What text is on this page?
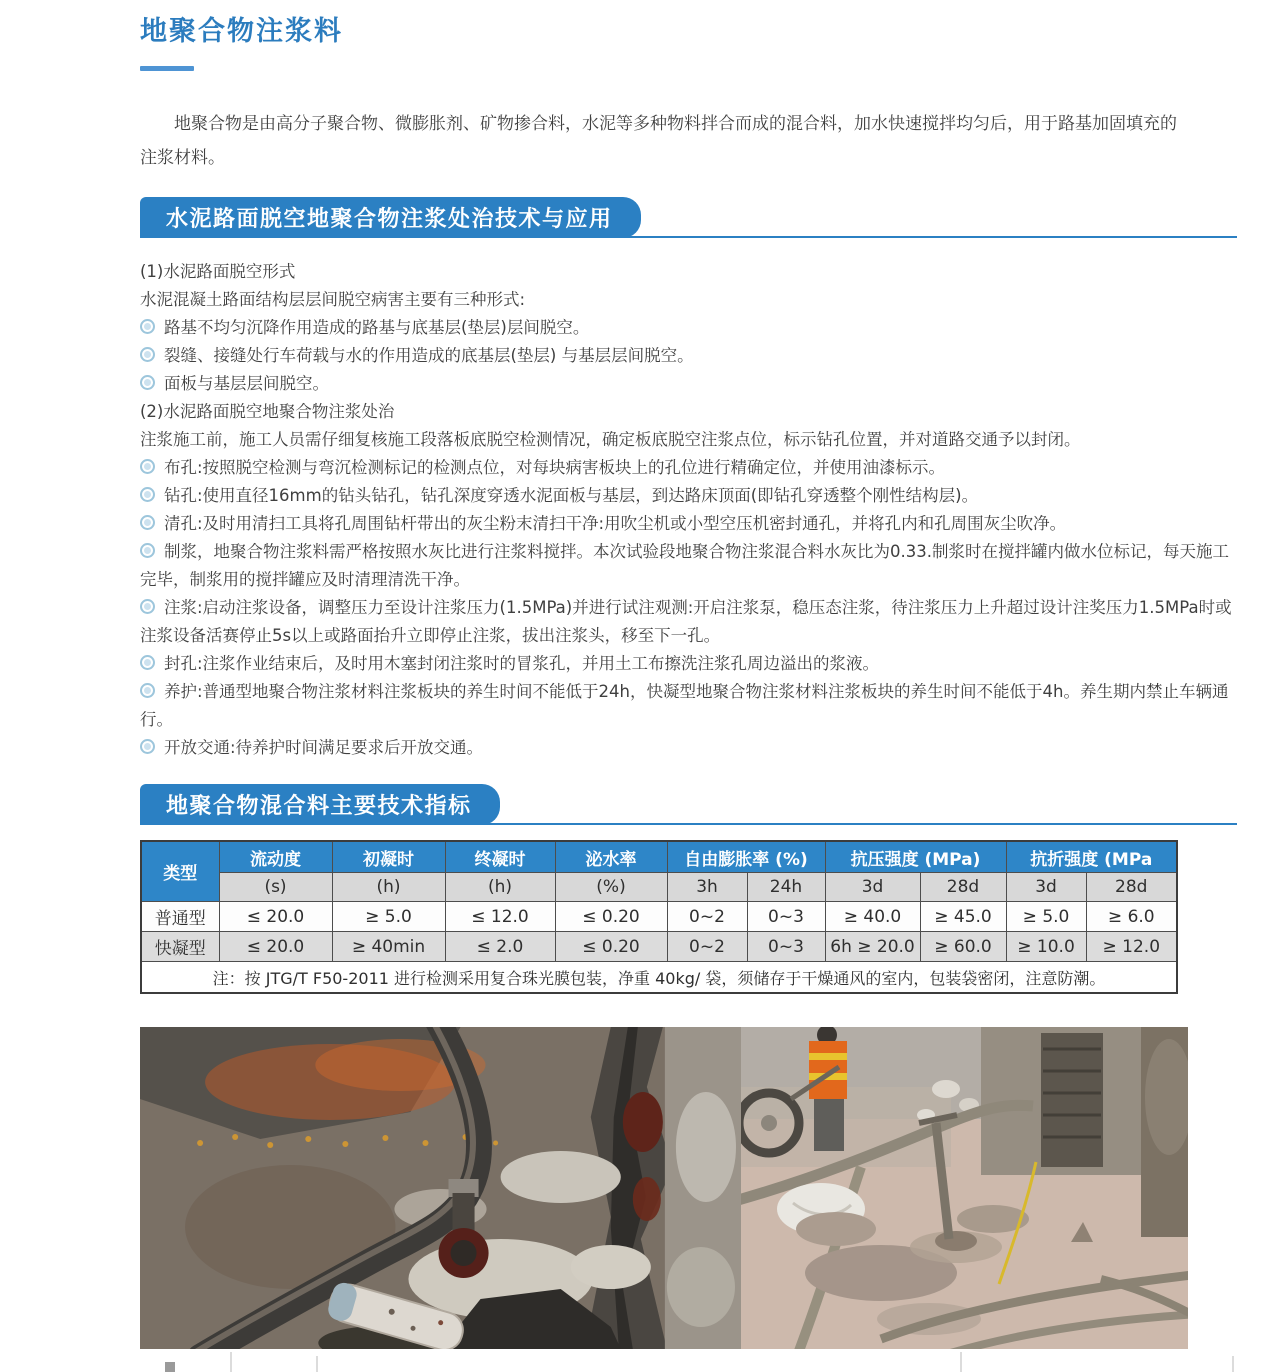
地聚合物注浆料

地聚合物是由高分子聚合物、微膨胀剂、矿物掺合料，水泥等多种物料拌合而成的混合料，加水快速搅拌均匀后，用于路基加固填充的注浆材料。

水泥路面脱空地聚合物注浆处治技术与应用
(1)水泥路面脱空形式
水泥混凝土路面结构层层间脱空病害主要有三种形式:
路基不均匀沉降作用造成的路基与底基层(垫层)层间脱空。
裂缝、接缝处行车荷载与水的作用造成的底基层(垫层) 与基层层间脱空。
面板与基层层间脱空。
(2)水泥路面脱空地聚合物注浆处治
注浆施工前，施工人员需仔细复核施工段落板底脱空检测情况，确定板底脱空注浆点位，标示钻孔位置，并对道路交通予以封闭。
布孔:按照脱空检测与弯沉检测标记的检测点位，对每块病害板块上的孔位进行精确定位，并使用油漆标示。
钻孔:使用直径16mm的钻头钻孔，钻孔深度穿透水泥面板与基层，到达路床顶面(即钻孔穿透整个刚性结构层)。
清孔:及时用清扫工具将孔周围钻杆带出的灰尘粉末清扫干净:用吹尘机或小型空压机密封通孔，并将孔内和孔周围灰尘吹净。
制浆，地聚合物注浆料需严格按照水灰比进行注浆料搅拌。本次试验段地聚合物注浆混合料水灰比为0.33.制浆时在搅拌罐内做水位标记，每天施工完毕，制浆用的搅拌罐应及时清理清洗干净。
注浆:启动注浆设备，调整压力至设计注浆压力(1.5MPa)并进行试注观测:开启注浆泵，稳压态注浆，待注浆压力上升超过设计注奖压力1.5MPa时或注浆设备活赛停止5s以上或路面抬升立即停止注浆，拔出注浆头，移至下一孔。
封孔:注浆作业结束后，及时用木塞封闭注浆时的冒浆孔，并用土工布擦洗注浆孔周边溢出的浆液。
养护:普通型地聚合物注浆材料注浆板块的养生时间不能低于24h，快凝型地聚合物注浆材料注浆板块的养生时间不能低于4h。养生期内禁止车辆通行。
开放交通:待养护时间满足要求后开放交通。
地聚合物混合料主要技术指标
类型	流动度	初凝时	终凝时	泌水率	自由膨胀率 (%)		抗压强度 (MPa)		抗折强度 (MPa	
	(s)	(h)	(h)	(%)	3h	24h	3d	28d	3d	28d
普通型	≤ 20.0	≥ 5.0	≤ 12.0	≤ 0.20	0~2	0~3	≥ 40.0	≥ 45.0	≥ 5.0	≥ 6.0
快凝型	≤ 20.0	≥ 40min	≤ 2.0	≤ 0.20	0~2	0~3	6h ≥ 20.0	≥ 60.0	≥ 10.0	≥ 12.0
注：按 JTG/T F50-2011 进行检测采用复合珠光膜包装，净重 40kg/ 袋，须储存于干燥通风的室内，包装袋密闭，注意防潮。										
